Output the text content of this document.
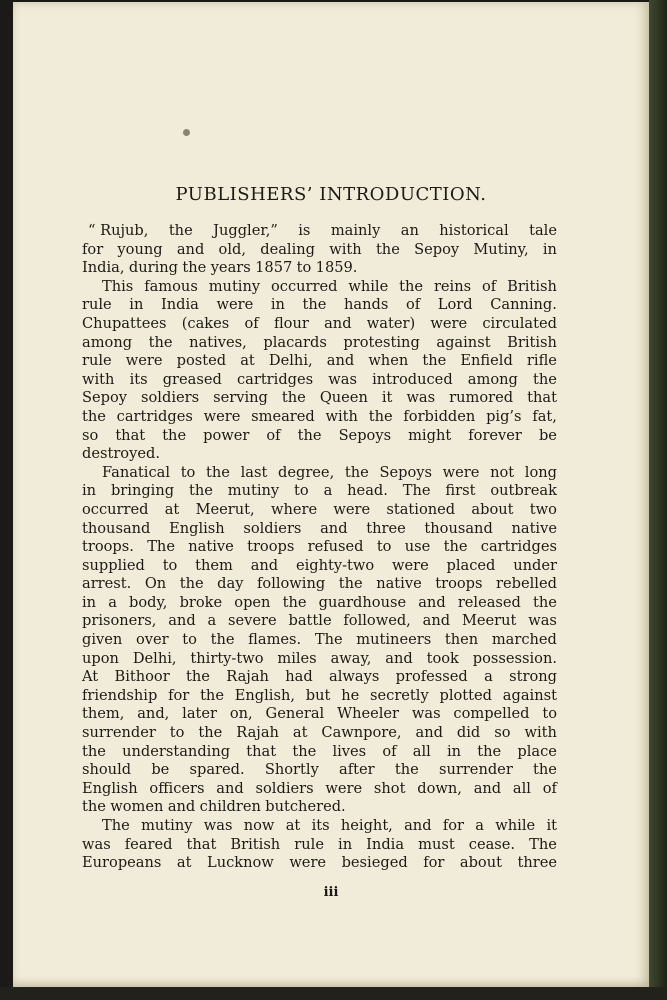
PUBLISHERS’ INTRODUCTION.
“ Rujub, the Juggler,” is mainly an historical tale
for young and old, dealing with the Sepoy Mutiny, in
India, during the years 1857 to 1859.
This famous mutiny occurred while the reins of British
rule in India were in the hands of Lord Canning.
Chupattees (cakes of flour and water) were circulated
among the natives, placards protesting against British
rule were posted at Delhi, and when the Enfield rifle
with its greased cartridges was introduced among the
Sepoy soldiers serving the Queen it was rumored that
the cartridges were smeared with the forbidden pig’s fat,
so that the power of the Sepoys might forever be
destroyed.
Fanatical to the last degree, the Sepoys were not long
in bringing the mutiny to a head. The first outbreak
occurred at Meerut, where were stationed about two
thousand English soldiers and three thousand native
troops. The native troops refused to use the cartridges
supplied to them and eighty-two were placed under
arrest. On the day following the native troops rebelled
in a body, broke open the guardhouse and released the
prisoners, and a severe battle followed, and Meerut was
given over to the flames. The mutineers then marched
upon Delhi, thirty-two miles away, and took possession.
At Bithoor the Rajah had always professed a strong
friendship for the English, but he secretly plotted against
them, and, later on, General Wheeler was compelled to
surrender to the Rajah at Cawnpore, and did so with
the understanding that the lives of all in the place
should be spared. Shortly after the surrender the
English officers and soldiers were shot down, and all of
the women and children butchered.
The mutiny was now at its height, and for a while it
was feared that British rule in India must cease. The
Europeans at Lucknow were besieged for about three
iii
